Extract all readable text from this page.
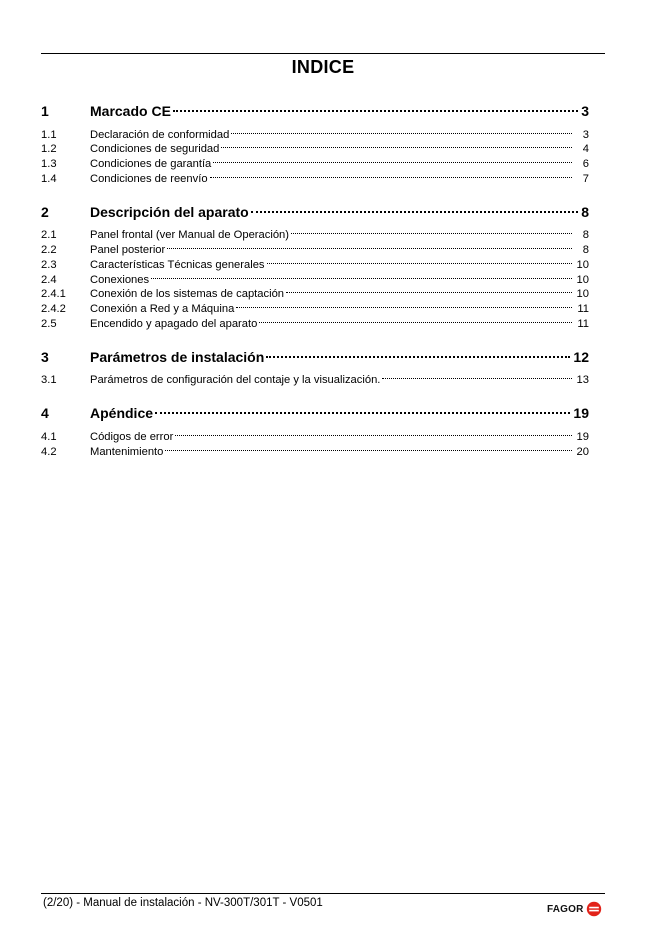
INDICE
1	Marcado CE	3
1.1	Declaración de conformidad	3
1.2	Condiciones de seguridad	4
1.3	Condiciones de garantía	6
1.4	Condiciones de reenvío	7
2	Descripción del aparato	8
2.1	Panel frontal (ver Manual de Operación)	8
2.2	Panel posterior	8
2.3	Características Técnicas generales	10
2.4	Conexiones	10
2.4.1	Conexión de los sistemas de captación	10
2.4.2	Conexión a Red y a Máquina	11
2.5	Encendido y apagado del aparato	11
3	Parámetros de instalación	12
3.1	Parámetros de configuración del contaje y la visualización.	13
4	Apéndice	19
4.1	Códigos de error	19
4.2	Mantenimiento	20
(2/20) - Manual de instalación - NV-300T/301T - V0501	FAGOR
